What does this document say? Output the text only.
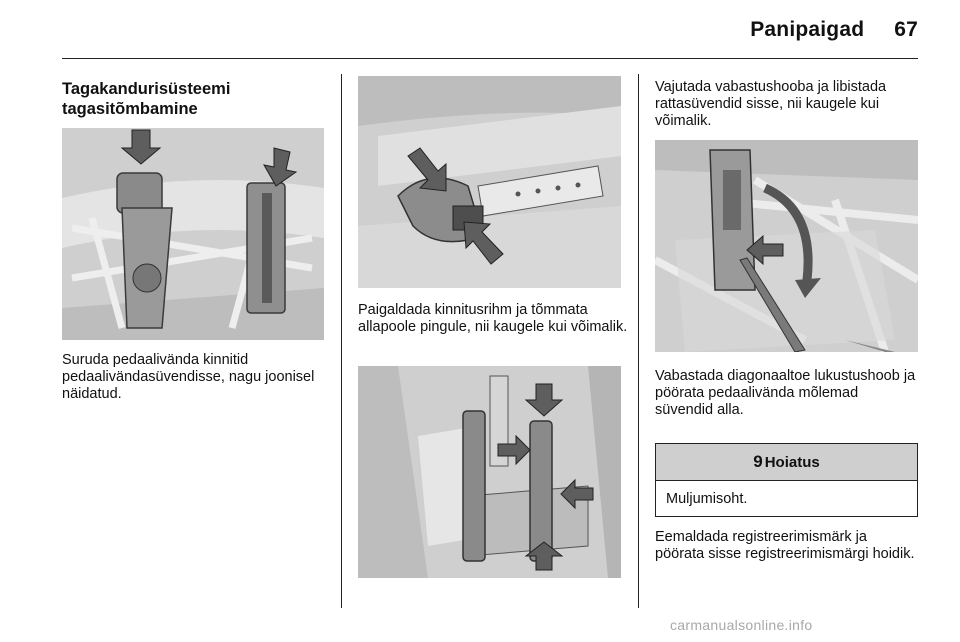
Panipaigad 67
Tagakandurisüsteemi tagasitõmbamine
Suruda pedaalivända kinnitid pedaalivändasüvendisse, nagu joonisel näidatud.
Paigaldada kinnitusrihm ja tõmmata allapoole pingule, nii kaugele kui võimalik.
Vajutada vabastushooba ja libistada rattasüvendid sisse, nii kaugele kui võimalik.
Vabastada diagonaaltoe lukustushoob ja pöörata pedaalivända mõlemad süvendid alla.
9 Hoiatus
Muljumisoht.
Eemaldada registreerimismärk ja pöörata sisse registreerimismärgi hoidik.
carmanualsonline.info
